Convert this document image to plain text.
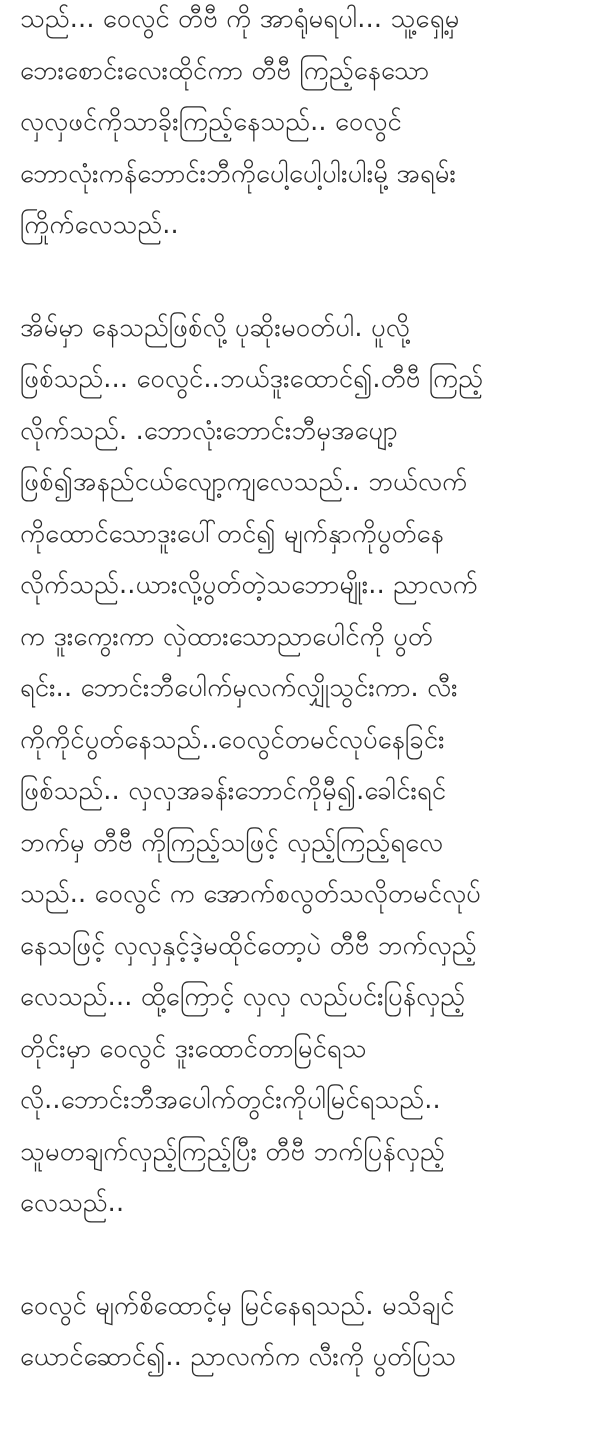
သည်... ဝေလွင် တီဗီ ကို အာရုံမရပါ... သူ့ရှေ့မှ
ဘေးစောင်းလေးထိုင်ကာ တီဗီ ကြည့်နေသော
လှလှဖင်ကိုသာခိုးကြည့်နေသည်.. ဝေလွင်
ဘောလုံးကန်ဘောင်းဘီကိုပေါ့ပေါ့ပါးပါးမို့ အရမ်း
ကြိုက်လေသည်..
အိမ်မှာ နေသည်ဖြစ်လို့ ပုဆိုးမဝတ်ပါ. ပူလို့
ဖြစ်သည်... ဝေလွင်..ဘယ်ဒူးထောင်၍.တီဗီ ကြည့်
လိုက်သည်. .ဘောလုံးဘောင်းဘီမှအပျော့
ဖြစ်၍အနည်ငယ်လျော့ကျလေသည်.. ဘယ်လက်
ကိုထောင်သောဒူးပေါ်တင်၍ မျက်နှာကိုပွတ်နေ
လိုက်သည်..ယားလို့ပွတ်တဲ့သဘောမျိုး.. ညာလက်
က ဒူးကွေးကာ လှဲထားသောညာပေါင်ကို ပွတ်
ရင်း.. ဘောင်းဘီပေါက်မှလက်လျှိုသွင်းကာ. လီး
ကိုကိုင်ပွတ်နေသည်..ဝေလွင်တမင်လုပ်နေခြင်း
ဖြစ်သည်.. လှလှအခန်းဘောင်ကိုမှီ၍.ခေါင်းရင်
ဘက်မှ တီဗီ ကိုကြည့်သဖြင့် လှည့်ကြည့်ရလေ
သည်.. ဝေလွင် က အောက်စလွတ်သလိုတမင်လုပ်
နေသဖြင့် လှလှနှင့်ဒဲ့မထိုင်တော့ပဲ တီဗီ ဘက်လှည့်
လေသည်... ထို့ကြောင့် လှလှ လည်ပင်းပြန်လှည့်
တိုင်းမှာ ဝေလွင် ဒူးထောင်တာမြင်ရသ
လို..ဘောင်းဘီအပေါက်တွင်းကိုပါမြင်ရသည်..
သူမတချက်လှည့်ကြည့်ပြီး တီဗီ ဘက်ပြန်လှည့်
လေသည်..
ဝေလွင် မျက်စိထောင့်မှ မြင်နေရသည်. မသိချင်
ယောင်ဆောင်၍.. ညာလက်က လီးကို ပွတ်ပြသ
